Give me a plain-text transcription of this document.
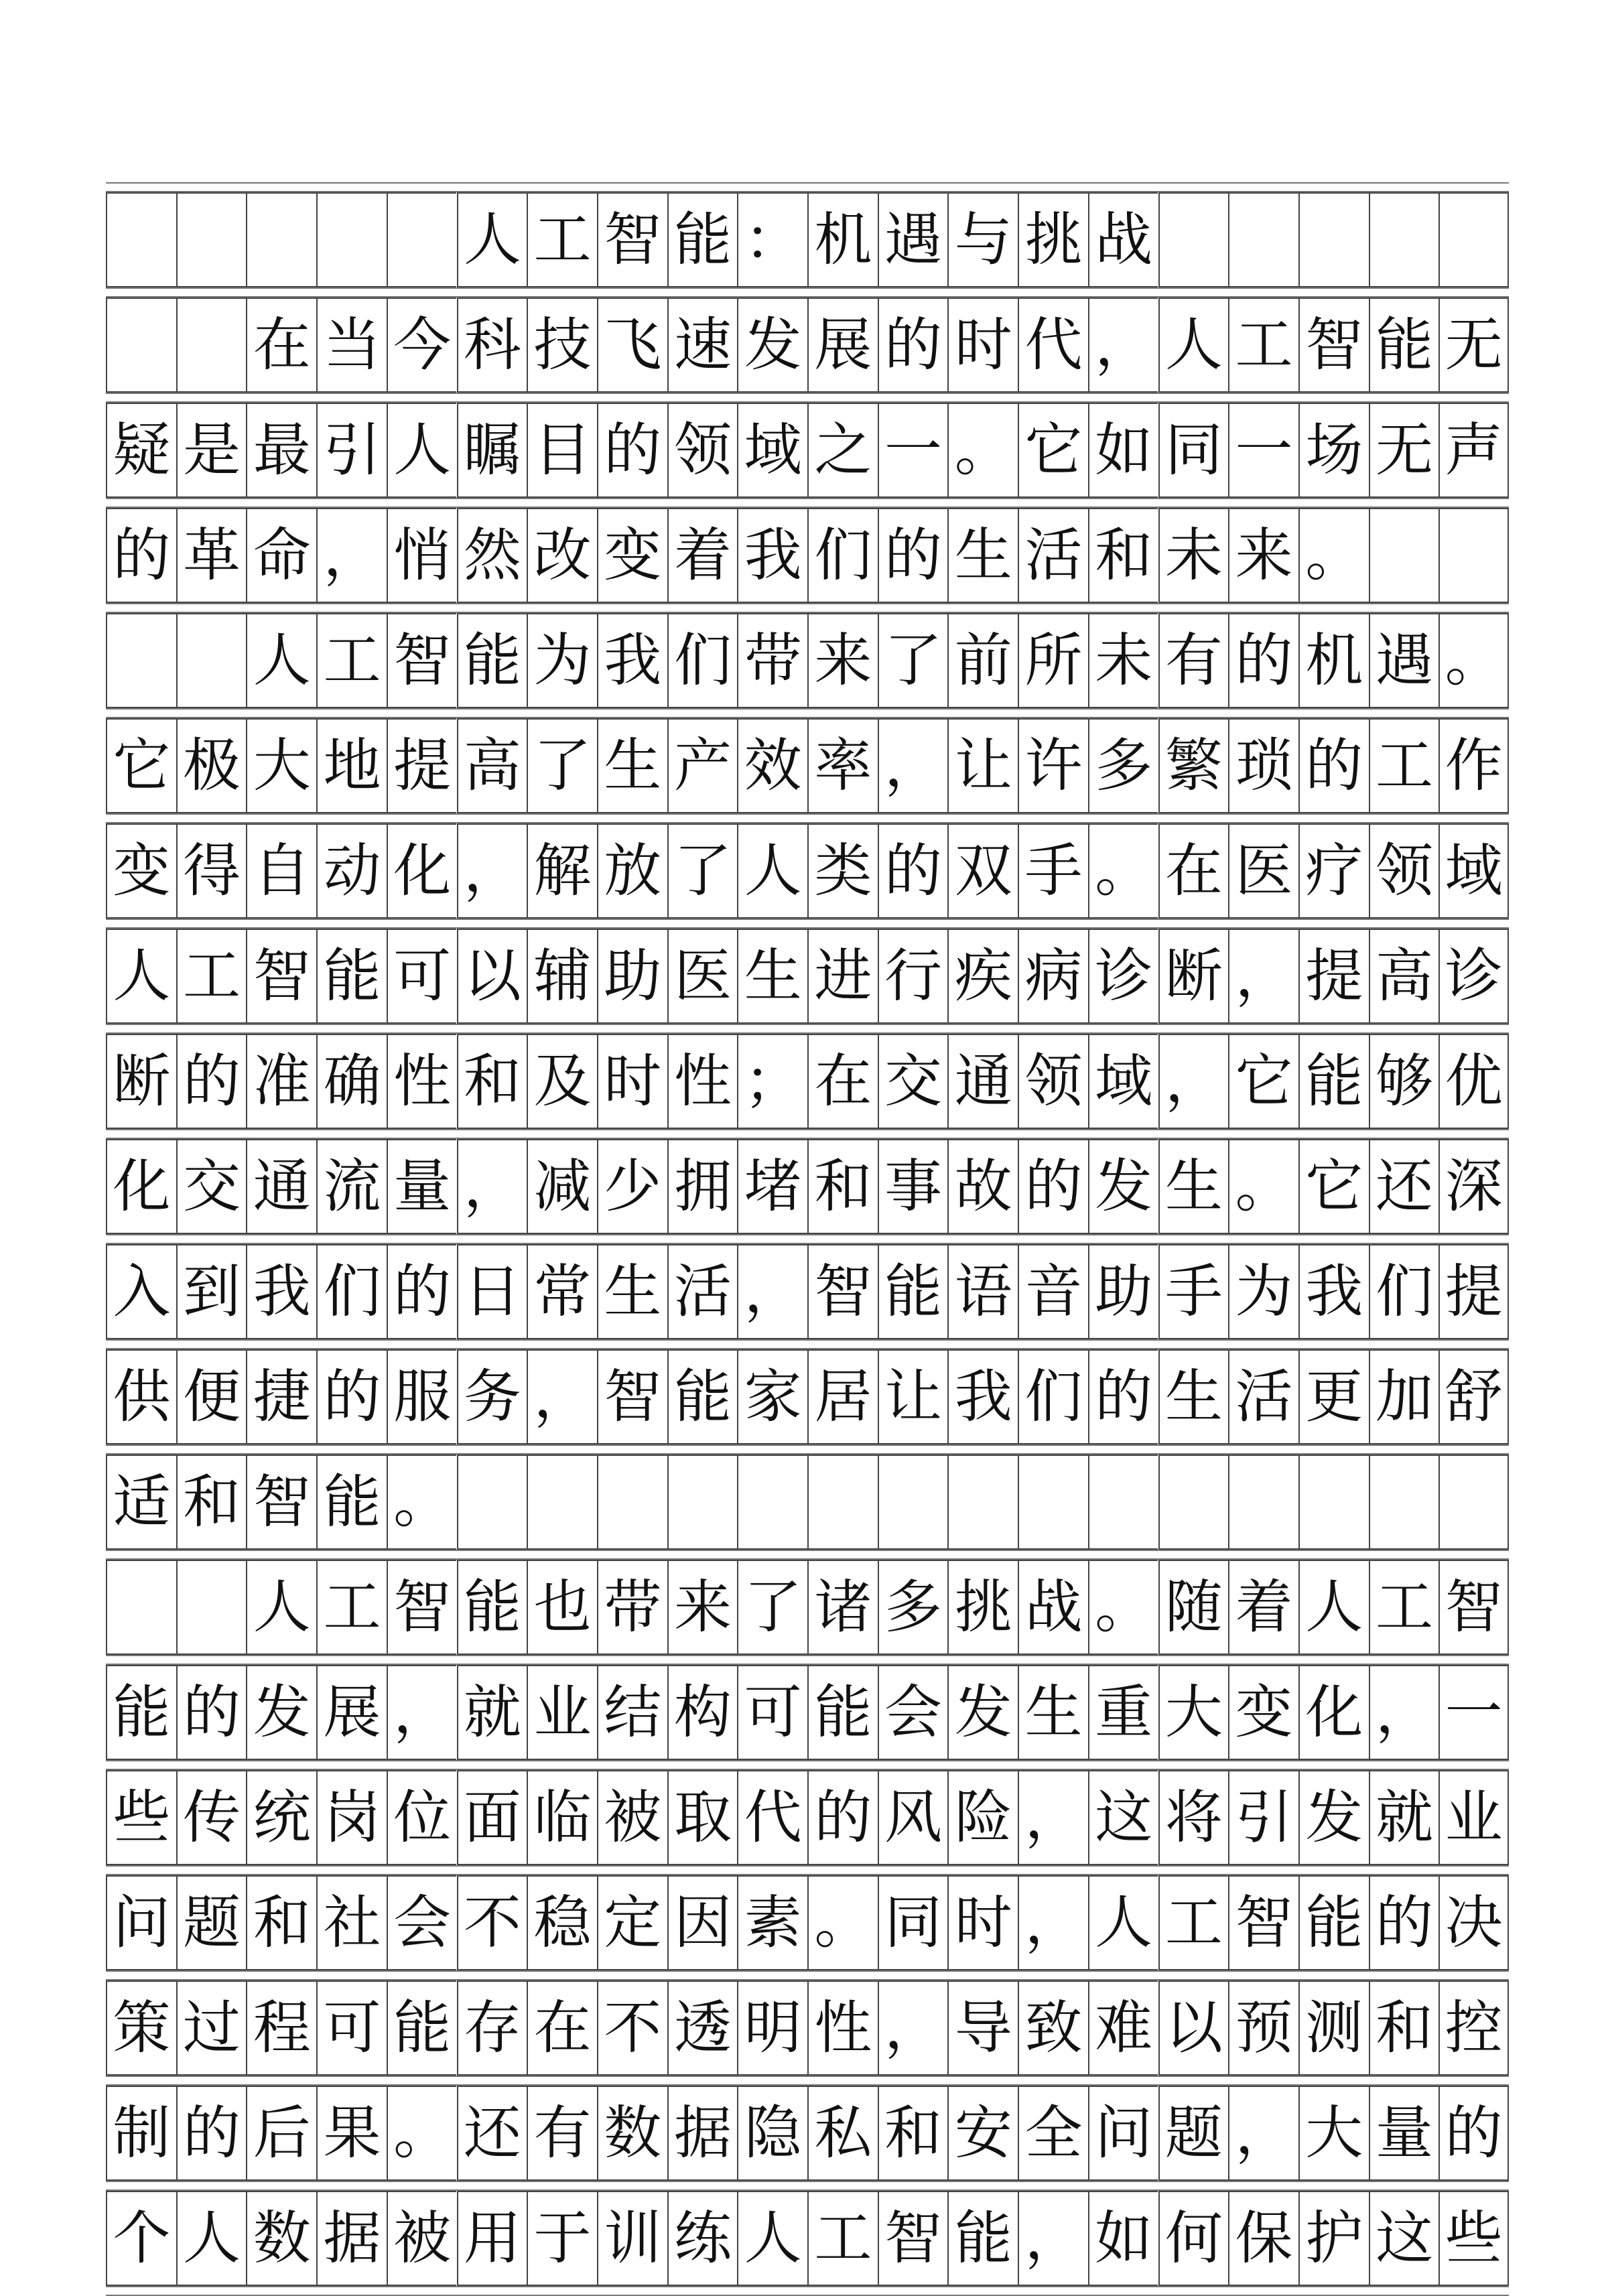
人 工 智 能 ： 机 遇 与 挑 战
在 当 今 科 技 飞 速 发 展 的 时 代 ， 人 工 智 能 无
疑 是 最 引 人 瞩 目 的 领 域 之 一 。 它 如 同 一 场 无 声
的 革 命 ， 悄 然 改 变 着 我 们 的 生 活 和 未 来 。
人 工 智 能 为 我 们 带 来 了 前 所 未 有 的 机 遇 。
它 极 大 地 提 高 了 生 产 效 率 ， 让 许 多 繁 琐 的 工 作
变 得 自 动 化 ， 解 放 了 人 类 的 双 手 。 在 医 疗 领 域
人 工 智 能 可 以 辅 助 医 生 进 行 疾 病 诊 断 ， 提 高 诊
断 的 准 确 性 和 及 时 性 ； 在 交 通 领 域 ， 它 能 够 优
化 交 通 流 量 ， 减 少 拥 堵 和 事 故 的 发 生 。 它 还 深
入 到 我 们 的 日 常 生 活 ， 智 能 语 音 助 手 为 我 们 提
供 便 捷 的 服 务 ， 智 能 家 居 让 我 们 的 生 活 更 加 舒
适 和 智 能 。
人 工 智 能 也 带 来 了 诸 多 挑 战 。 随 着 人 工 智
能 的 发 展 ， 就 业 结 构 可 能 会 发 生 重 大 变 化 ， 一
些 传 统 岗 位 面 临 被 取 代 的 风 险 ， 这 将 引 发 就 业
问 题 和 社 会 不 稳 定 因 素 。 同 时 ， 人 工 智 能 的 决
策 过 程 可 能 存 在 不 透 明 性 ， 导 致 难 以 预 测 和 控
制 的 后 果 。 还 有 数 据 隐 私 和 安 全 问 题 ， 大 量 的
个 人 数 据 被 用 于 训 练 人 工 智 能 ， 如 何 保 护 这 些
